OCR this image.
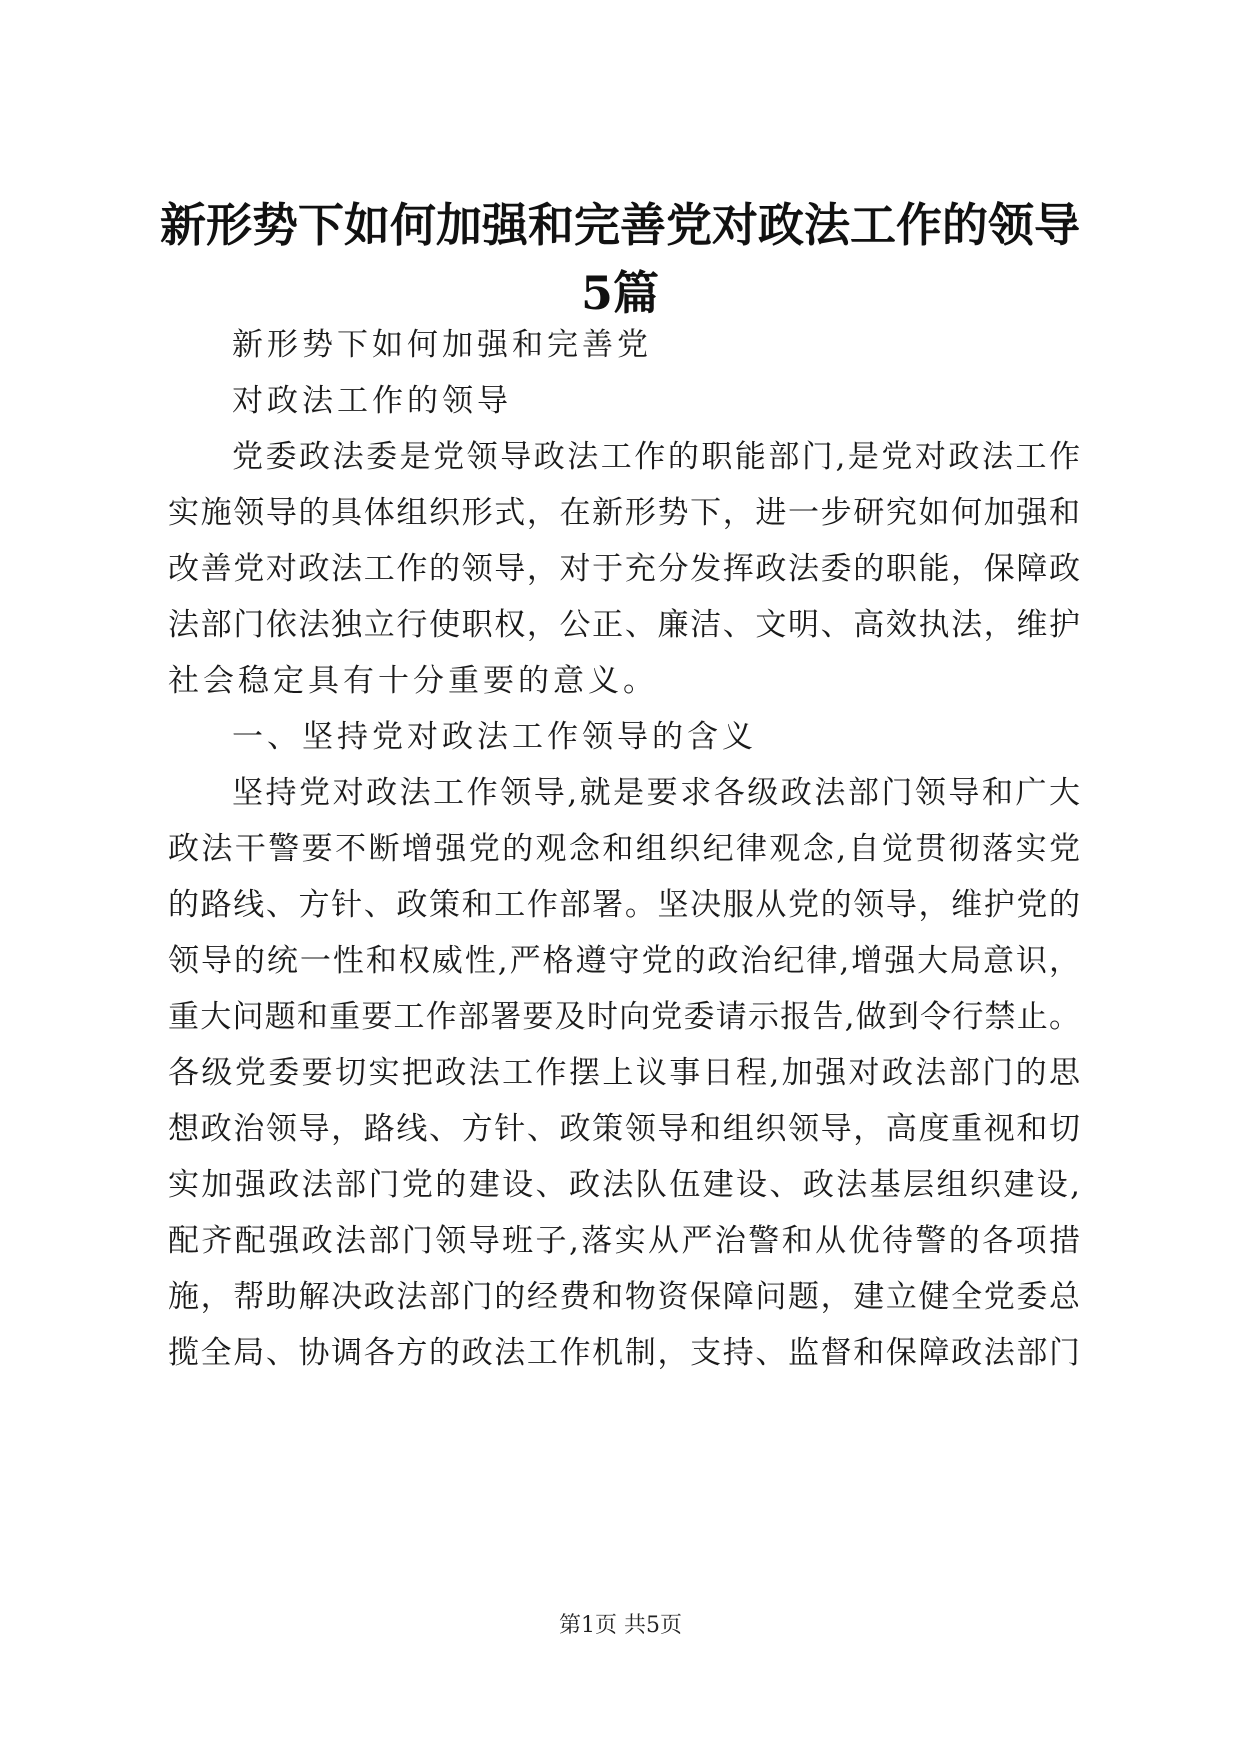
新形势下如何加强和完善党对政法工作的领导
5篇
新形势下如何加强和完善党
对政法工作的领导
党委政法委是党领导政法工作的职能部门,是党对政法工作
实施领导的具体组织形式，在新形势下，进一步研究如何加强和
改善党对政法工作的领导，对于充分发挥政法委的职能，保障政
法部门依法独立行使职权，公正、廉洁、文明、高效执法，维护
社会稳定具有十分重要的意义。
一、坚持党对政法工作领导的含义
坚持党对政法工作领导,就是要求各级政法部门领导和广大
政法干警要不断增强党的观念和组织纪律观念,自觉贯彻落实党
的路线、方针、政策和工作部署。坚决服从党的领导，维护党的
领导的统一性和权威性,严格遵守党的政治纪律,增强大局意识，
重大问题和重要工作部署要及时向党委请示报告,做到令行禁止。
各级党委要切实把政法工作摆上议事日程,加强对政法部门的思
想政治领导，路线、方针、政策领导和组织领导，高度重视和切
实加强政法部门党的建设、政法队伍建设、政法基层组织建设,
配齐配强政法部门领导班子,落实从严治警和从优待警的各项措
施，帮助解决政法部门的经费和物资保障问题，建立健全党委总
揽全局、协调各方的政法工作机制，支持、监督和保障政法部门
第1页 共5页
